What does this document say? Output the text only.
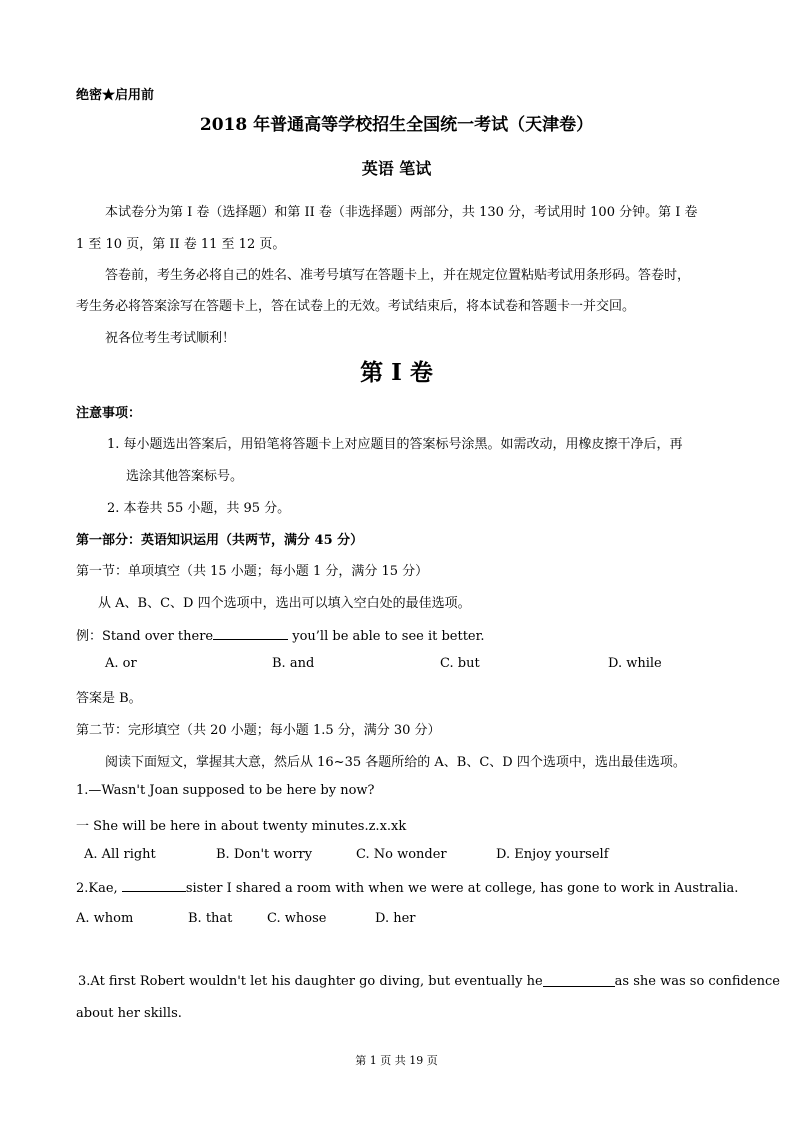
绝密★启用前
2018 年普通高等学校招生全国统一考试（天津卷）
英语 笔试
本试卷分为第 I 卷（选择题）和第 II 卷（非选择题）两部分，共 130 分，考试用时 100 分钟。第 I 卷
1 至 10 页，第 II 卷 11 至 12 页。
答卷前，考生务必将自己的姓名、准考号填写在答题卡上，并在规定位置粘贴考试用条形码。答卷时，
考生务必将答案涂写在答题卡上，答在试卷上的无效。考试结束后，将本试卷和答题卡一并交回。
祝各位考生考试顺利！
第 I 卷
注意事项：
1. 每小题选出答案后，用铅笔将答题卡上对应题目的答案标号涂黑。如需改动，用橡皮擦干净后，再
选涂其他答案标号。
2. 本卷共 55 小题，共 95 分。
第一部分：英语知识运用（共两节，满分 45 分）
第一节：单项填空（共 15 小题；每小题 1 分，满分 15 分）
从 A、B、C、D 四个选项中，选出可以填入空白处的最佳选项。
例：Stand over there	you’ll be able to see it better.
A. or	B. and	C. but	D. while
答案是 B。
第二节：完形填空（共 20 小题；每小题 1.5 分，满分 30 分）
阅读下面短文，掌握其大意，然后从 16~35 各题所给的 A、B、C、D 四个选项中，选出最佳选项。
1.—Wasn't Joan supposed to be here by now?
一 She will be here in about twenty minutes.z.x.xk
A. All right	B. Don't worry	C. No wonder	D. Enjoy yourself
2.Kae,	sister I shared a room with when we were at college, has gone to work in Australia.
A. whom	B. that	C. whose	D. her
3.At first Robert wouldn't let his daughter go diving, but eventually he	as she was so confidence
about her skills.
第 1 页 共 19 页
